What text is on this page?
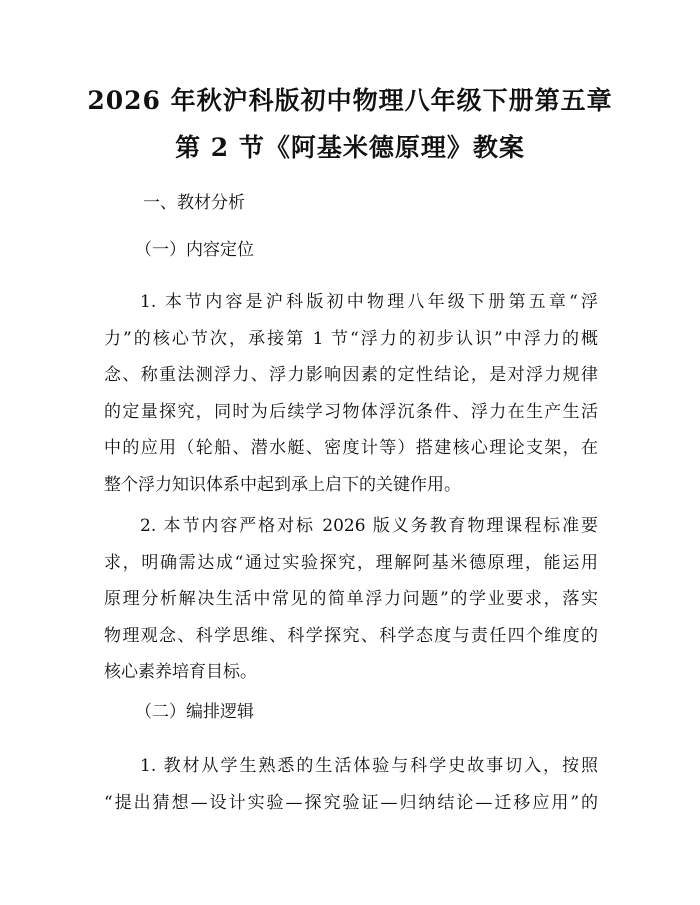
2026 年秋沪科版初中物理八年级下册第五章
第 2 节《阿基米德原理》教案
一、教材分析
（一）内容定位
1. 本节内容是沪科版初中物理八年级下册第五章“浮
力”的核心节次，承接第 1 节“浮力的初步认识”中浮力的概
念、称重法测浮力、浮力影响因素的定性结论，是对浮力规律
的定量探究，同时为后续学习物体浮沉条件、浮力在生产生活
中的应用（轮船、潜水艇、密度计等）搭建核心理论支架，在
整个浮力知识体系中起到承上启下的关键作用。
2. 本节内容严格对标 2026 版义务教育物理课程标准要
求，明确需达成“通过实验探究，理解阿基米德原理，能运用
原理分析解决生活中常见的简单浮力问题”的学业要求，落实
物理观念、科学思维、科学探究、科学态度与责任四个维度的
核心素养培育目标。
（二）编排逻辑
1. 教材从学生熟悉的生活体验与科学史故事切入，按照
“提出猜想—设计实验—探究验证—归纳结论—迁移应用”的
